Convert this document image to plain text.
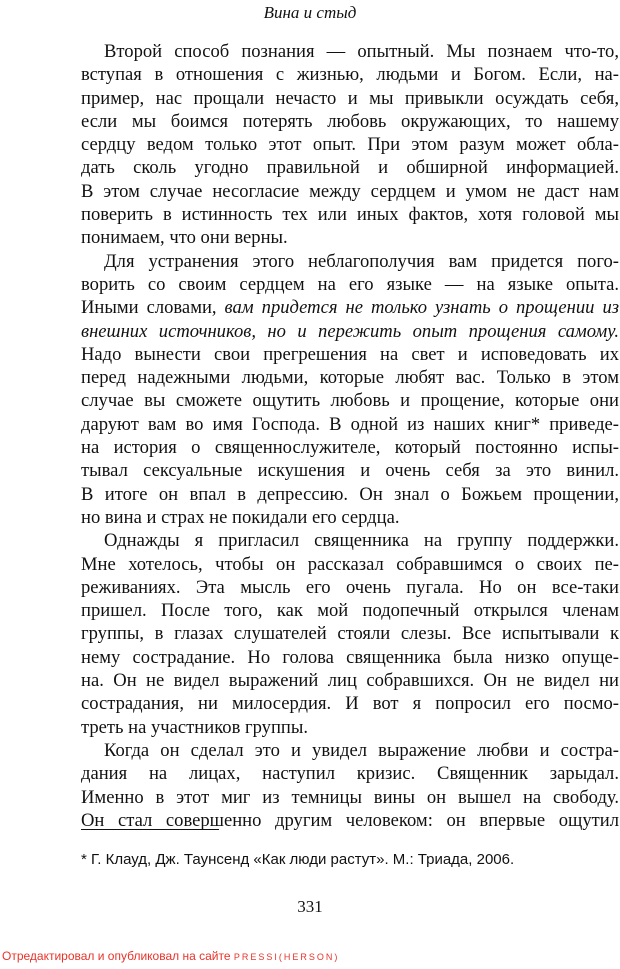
Вина и стыд
Второй способ познания — опытный. Мы познаем что-то,
вступая в отношения с жизнью, людьми и Богом. Если, на-
пример, нас прощали нечасто и мы привыкли осуждать себя,
если мы боимся потерять любовь окружающих, то нашему
сердцу ведом только этот опыт. При этом разум может обла-
дать сколь угодно правильной и обширной информацией.
В этом случае несогласие между сердцем и умом не даст нам
поверить в истинность тех или иных фактов, хотя головой мы
понимаем, что они верны.
Для устранения этого неблагополучия вам придется пого-
ворить со своим сердцем на его языке — на языке опыта.
Иными словами, вам придется не только узнать о прощении из
внешних источников, но и пережить опыт прощения самому.
Надо вынести свои прегрешения на свет и исповедовать их
перед надежными людьми, которые любят вас. Только в этом
случае вы сможете ощутить любовь и прощение, которые они
даруют вам во имя Господа. В одной из наших книг* приведе-
на история о священнослужителе, который постоянно испы-
тывал сексуальные искушения и очень себя за это винил.
В итоге он впал в депрессию. Он знал о Божьем прощении,
но вина и страх не покидали его сердца.
Однажды я пригласил священника на группу поддержки.
Мне хотелось, чтобы он рассказал собравшимся о своих пе-
реживаниях. Эта мысль его очень пугала. Но он все-таки
пришел. После того, как мой подопечный открылся членам
группы, в глазах слушателей стояли слезы. Все испытывали к
нему сострадание. Но голова священника была низко опуще-
на. Он не видел выражений лиц собравшихся. Он не видел ни
сострадания, ни милосердия. И вот я попросил его посмо-
треть на участников группы.
Когда он сделал это и увидел выражение любви и состра-
дания на лицах, наступил кризис. Священник зарыдал.
Именно в этот миг из темницы вины он вышел на свободу.
Он стал совершенно другим человеком: он впервые ощутил
* Г. Клауд, Дж. Таунсенд «Как люди растут». М.: Триада, 2006.
331
Отредактировал и опубликовал на сайте PRESSI(HERSON)
